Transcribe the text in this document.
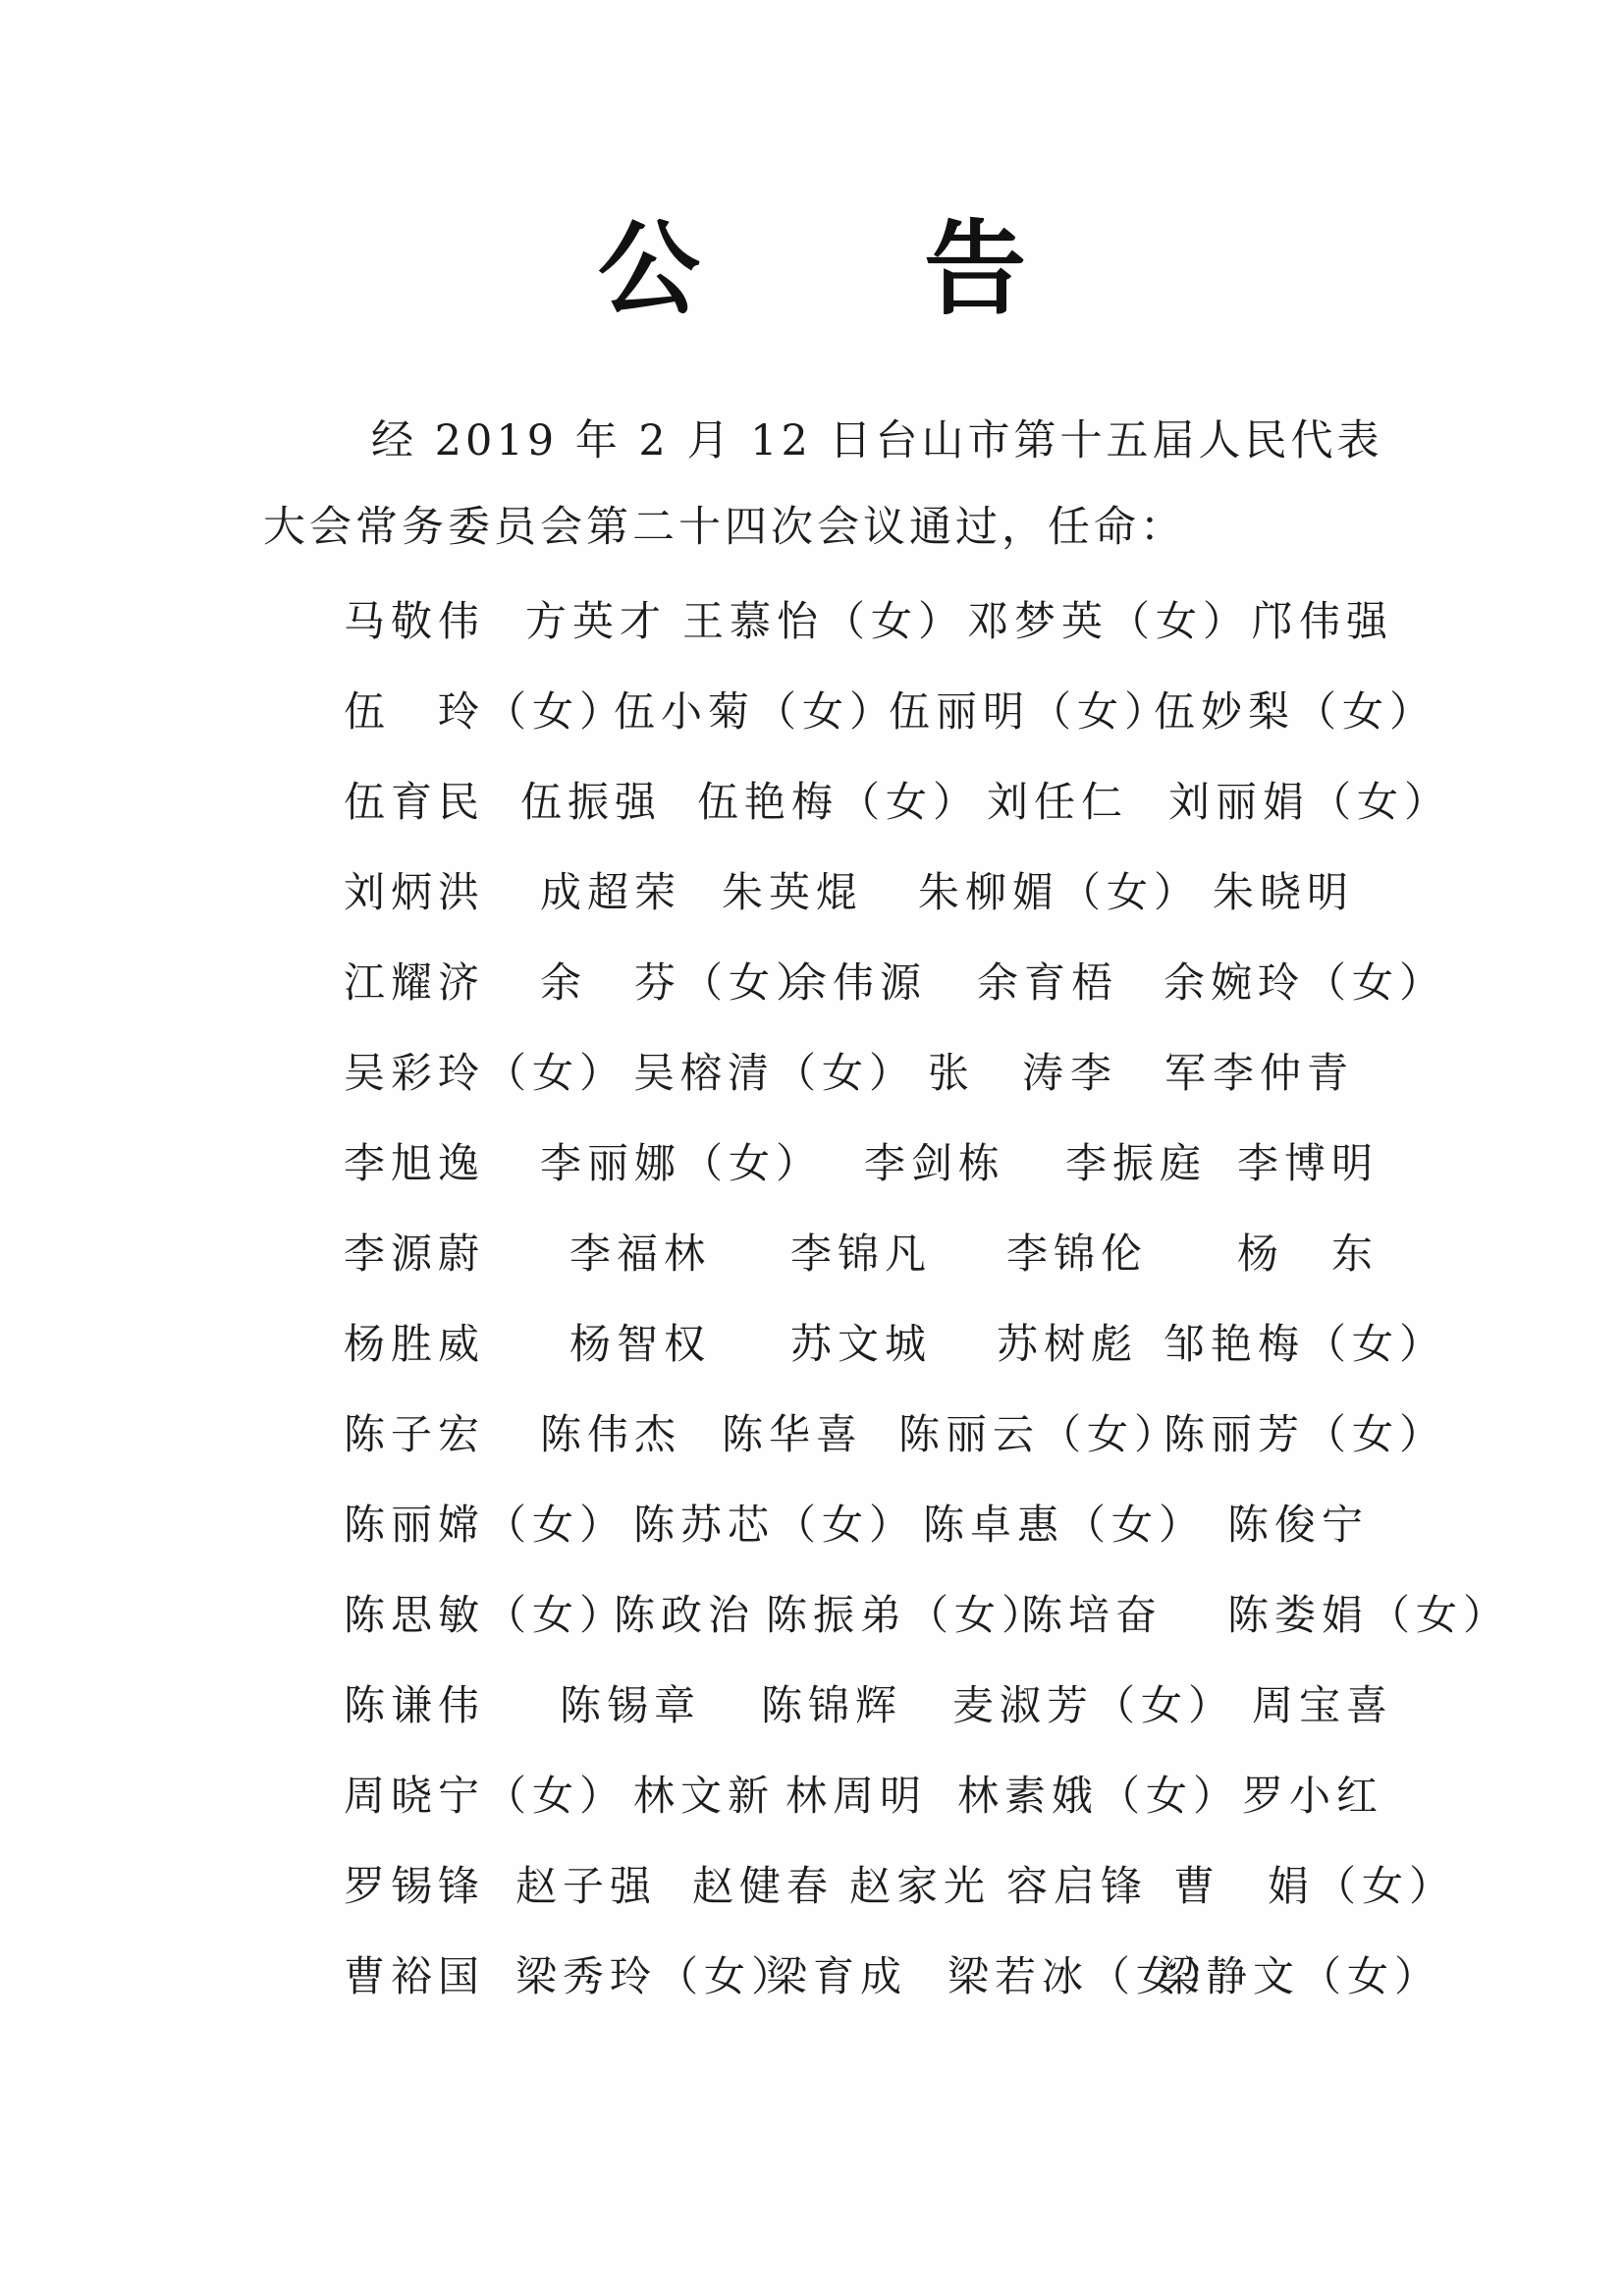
公 告
经 2019 年 2 月 12 日台山市第十五届人民代表大会常务委员会第二十四次会议通过，任命：
马敬伟 方英才 王慕怡（女） 邓梦英（女） 邝伟强
伍　玲（女）
伍小菊（女）
伍丽明（女）
伍妙梨（女）
伍育民 伍振强 伍艳梅（女） 刘任仁 刘丽娟（女）
刘炳洪 成超荣 朱英焜 朱柳媚（女） 朱晓明
江耀济 余　芬（女）
余伟源 余育梧 余婉玲（女）
吴彩玲（女） 吴榕清（女） 张　涛 李　军 李仲青
李旭逸 李丽娜（女） 李剑栋 李振庭 李博明
李源蔚 李福林 李锦凡 李锦伦 杨　东
杨胜威 杨智权 苏文城 苏树彪 邹艳梅（女）
陈子宏 陈伟杰 陈华喜 陈丽云（女）
陈丽芳（女）
陈丽嫦（女） 陈苏芯（女） 陈卓惠（女） 陈俊宁
陈思敏（女）
陈政治 陈振弟（女）
陈培奋 陈娄娟（女）
陈谦伟 陈锡章 陈锦辉 麦淑芳（女） 周宝喜
周晓宁（女） 林文新 林周明 林素娥（女） 罗小红
罗锡锋 赵子强 赵健春 赵家光 容启锋 曹　娟（女）
曹裕国 梁秀玲（女）
梁育成 梁若冰（女）
梁静文（女）
